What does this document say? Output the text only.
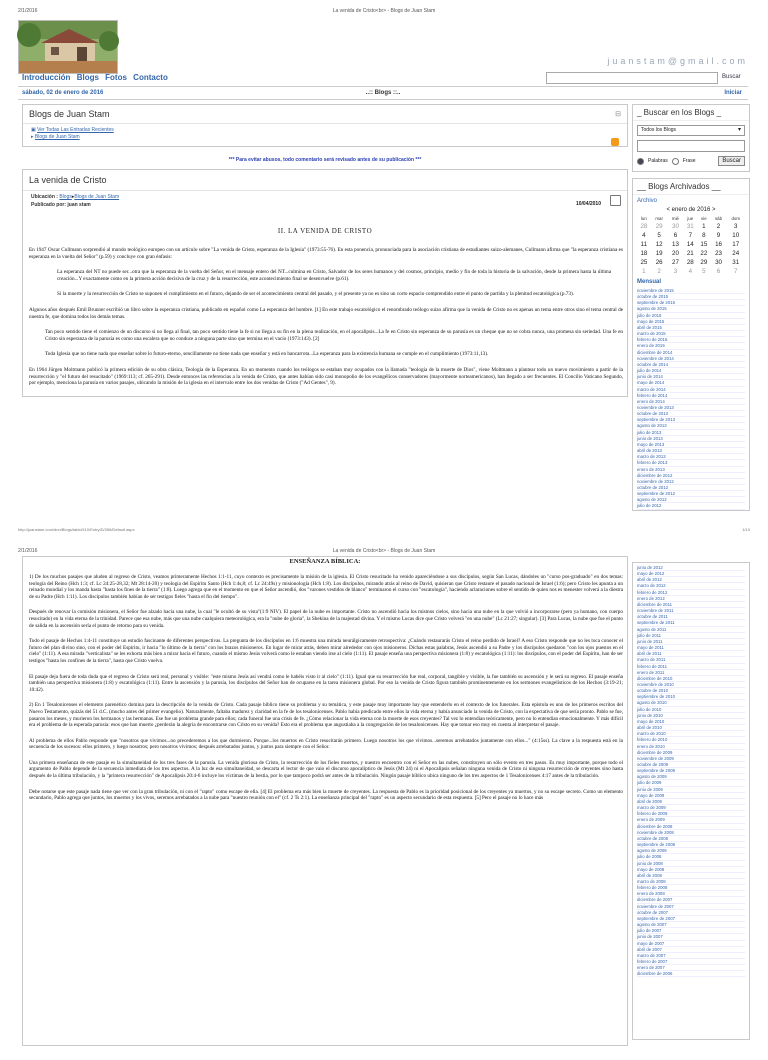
2/1/2016	La venida de Cristo<br> - Blogs de Juan Stam
juanstam@gmail.com
Introducción Blogs Fotos Contacto	Buscar
sábado, 02 de enero de 2016	..:: Blogs ::..	Iniciar
Blogs de Juan Stam	⊟
▣ Ver Todas Las Entradas Recientes
▸ Blogs de Juan Stam
*** Para evitar abusos, todo comentario será revisado antes de su publicación ***
La venida de Cristo
Ubicación : Blogs▸Blogs de Juan Stam
Publicado por: juan stam	10/04/2010
II. LA VENIDA DE CRISTO

En 1947 Oscar Cullmann sorprendió al mundo teológico europeo con un artículo sobre "La venida de Cristo, esperanza de la Iglesia" (1973:55-76). En esta ponencia, pronunciada para la asociación cristiana de estudiantes suizo-alemanes, Cullmann afirma que "la esperanza cristiana es esperanza en la vuelta del Señor" (p.59) y concluye con gran énfasis:

La esperanza del NT no puede ser...otra que la esperanza de la vuelta del Señor, en el mensaje entero del NT...culmina en Cristo, Salvador de los seres humanos y del cosmos, principio, medio y fin de toda la historia de la salvación, desde la primera hasta la última creación...Y exactamente como en la primera acción decisiva de la cruz y de la resurrección, este acontecimiento final se desenvuelve (p.61).

Si la muerte y la resurrección de Cristo se suponen el cumplimiento en el futuro, dejando de ser el acontecimiento central del pasado, y el presente ya no es sino un corto espacio comprendido entre el punto de partida y la plenitud escatológica (p.73).

Algunos años después Emil Brunner escribió un libro sobre la esperanza cristiana, publicado en español como La esperanza del hombre. [1] En este trabajo escatológico el renombrado teólogo suizo afirma que la venida de Cristo no es apenas un tema entre otros sino el tema central de nuestra fe, que domina todos los demás temas.

Tan poco sentido tiene el comienzo de un discurso si no llega al final, tan poco sentido tiene la fe si no llega a su fin en la plena realización, en el apocalipsis...La fe en Cristo sin esperanza de su parusía es un cheque que no se cobra nunca, una promesa sin seriedad. Una fe en Cristo sin esperanza de la parusía es como una escalera que no conduce a ninguna parte sino que termina en el vacío (1973:143). [2]

Toda Iglesia que no tiene nada que enseñar sobre lo futuro-eterno, sencillamente no tiene nada que enseñar y está en bancarrota...La esperanza para la existencia humana se cumple en el cumplimiento (1973:11,13).

En 1964 Jürgen Moltmann publicó la primera edición de su obra clásica, Teología de la Esperanza. En un momento cuando los teólogos se estaban muy ocupados con la llamada "teología de la muerte de Dios", viene Moltmann a plantear todo un nuevo movimiento a partir de la resurrección y "el futuro del resucitado" (1969:113; cf. 265-291). Desde entonces las referencias a la venida de Cristo, que antes habían sido casi monopolio de los evangélicos conservadores (mayormente norteamericanos), han llegado a ser frecuentes. El Concilio Vaticano Segundo, por ejemplo, menciona la parusía en varios pasajes, ubicando la misión de la iglesia en el intervalo entre los dos venidas de Cristo ("Ad Gentes", 9).

_ Buscar en los Blogs _
Todos los Blogs ▾
Palabras	Frase	Buscar
__ Blogs Archivados __
Archivo
< enero de 2016 >
lun	mar	mié	jue	vie	sáb	dom
28	29	30	31	1	2	3
4	5	6	7	8	9	10
11	12	13	14	15	16	17
18	19	20	21	22	23	24
25	26	27	28	29	30	31
1	2	3	4	5	6	7
Mensual
noviembre de 2015
octubre de 2015
septiembre de 2015
agosto de 2015
julio de 2015
mayo de 2015
abril de 2015
marzo de 2015
febrero de 2015
enero de 2015
diciembre de 2014
noviembre de 2014
octubre de 2014
julio de 2014
junio de 2014
mayo de 2014
marzo de 2014
febrero de 2014
enero de 2014
noviembre de 2013
octubre de 2013
septiembre de 2013
agosto de 2013
julio de 2013
junio de 2013
mayo de 2013
abril de 2013
marzo de 2013
febrero de 2013
enero de 2013
diciembre de 2012
noviembre de 2012
octubre de 2012
septiembre de 2012
agosto de 2012
julio de 2012
http://juanstam.com/dnn/Blogs/tabid/110/EntryID/358/Default.aspx	1/10
2/1/2016	La venida de Cristo<br> - Blogs de Juan Stam
ENSEÑANZA BÍBLICA:

1) De los muchos pasajes que aluden al regreso de Cristo, veamos primeramente Hechos 1:1-11, cuyo contexto es precisamente la misión de la iglesia. El Cristo resucitado ha venido apareciéndose a sus discípulos, según San Lucas, dándoles un "curso pos-graduado" en dos temas: teología del Reino (Hch 1:3; cf. Lc 24:25-28,32; Mt 28:14-20) y teología del Espíritu Santo (Hch 1:4s,8; cf. Lc 24:49s) y misionología (Hch 1:8). Los discípulos, mirando atrás al reino de David, quisieran que Cristo restaure el pasado nacional de Israel (1:6); pero Cristo les apunta a un reinado mundial y los manda hasta "hasta los fines de la tierra" (1:8). Luego agrega que en el momento en que el Señor ascendió, dos "varones vestidos de blanco" terminaron el curso con "escatología", haciendo aclaraciones sobre el sentido de quien nos es menester volverá a la diestra de su Padre (Hch 1:11). Los discípulos también habían de ser testigos fieles "hasta el fin del tiempo".

Después de renovar la comisión misionera, el Señor fue alzado hacia una nube, la cual "le ocultó de su vista"(1:9 NIV). El papel de la nube es importante. Cristo no ascendió hacia los mismos cielos, sino hacia una nube en la que volvió a incorporarse (pero ya humano, con cuerpo resucitado) en la vida eterna de la trinidad. Parece que esa nube, más que una nube cualquiera meteorológica, era la "nube de gloria", la Shekina de la majestad divina. Y el mismo Lucas dice que Cristo volverá "en una nube" (Lc 21:27; singular). [3] Para Lucas, la nube que fue el punto de salida en la ascensión sería el punto de retorno para su venida.

Todo el pasaje de Hechos 1:4-11 constituye un estudio fascinante de diferentes perspectivas. La pregunta de los discípulos en 1:6 muestra una mirada neurálgicamente retrospectiva: ¿Cuándo restaurarás Cristo el reino perdido de Israel? A eso Cristo responde que no les toca conocer el futuro del plan divino sino, con el poder del Espíritu, ir hacia "lo último de la tierra" con los brazos misioneros. En lugar de mirar atrás, deben mirar alrededor con ojos misioneros. Dichas estas palabras, Jesús ascendió a su Padre y los discípulos quedaron "con los ojos puestos en el cielo" (1:11). A esa mirada "verticalista" se les exhorta más bien a mirar hacia el futuro, cuando el mismo Jesús volverá como le estaban viendo irse al cielo (1:11). El pasaje enseña una perspectiva misionera (1:8) y escatológica (1:11): los discípulos, con el poder del Espíritu, han de ser testigos "hasta los confines de la tierra", hasta que Cristo vuelva.

El pasaje deja fuera de toda duda que el regreso de Cristo será real, personal y visible: "este mismo Jesús así vendrá como le habéis visto ir al cielo" (1:11). Igual que su resurrección fue real, corporal, tangible y visible, la fue también su ascensión y le será su regreso. El pasaje enseña también una perspectiva misionera (1:8) y escatológica (1:11). Entre la ascensión y la parusía, los discípulos del Señor han de ocuparse en la tarea misionera global. Por eso la venida de Cristo figura también prominentemente en los sermones evangelísticos de los Hechos (3:19-21; 10:42).

2) En 1 Tesalonicenses el elemento parenético domina para la descripción de la venida de Cristo. Cada pasaje bíblico tiene su problema y su temática, y este pasaje muy importante hay que entenderlo en el contexto de los funerales. Esta epístola es uno de los primeros escritos del Nuevo Testamento, quizás del 51 d.C. (mucho antes del primer evangelio). Naturalmente, faltaba madurez y claridad en la fe de los tesalonicenses. Pablo había predicado entre ellos la vida eterna y había anunciado la venida de Cristo, con la expectativa de que sería pronto. Pablo se fue, pasaron los meses, y murieron los hermanos y las hermanas. Ese fue un problema grande para ellos; cada funeral fue una crisis de fe. ¿Cómo relacionar la vida eterna con la muerte de esos creyentes? Tal vez lo entendían teóricamente, pero no lo entendían emocionalmente. Y más difícil era el problema de la esperada parusía: esos que han muerto ¿perderán la alegría de encontrarse con Cristo en su venida? Esto era el problema que angustiaba a la congregación de los tesalonicenses. Hay que tomar eso muy en cuenta al interpretar el pasaje.

Al problema de ellos Pablo responde que "nosotros que vivimos...no precederemos a los que durmieron. Porque...los muertos en Cristo resucitarán primero. Luego nosotros los que vivimos...seremos arrebatados juntamente con ellos..." (4:15ss). La clave a la respuesta está en la secuencia de los sucesos: ellos primero, y luego nosotros; pero nosotros vivimos; después arrebatados juntos, y juntos para siempre con el Señor.

Una primera enseñanza de este pasaje es la simultaneidad de los tres fases de la parusía. La venida gloriosa de Cristo, la resurrección de los fieles muertos, y nuestro encuentro con el Señor en las nubes, constituyen un sólo evento en tres pasos. Es muy importante, porque todo el argumento de Pablo depende de la secuencia inmediata de los tres aspectos. A la luz de esa simultaneidad, se descarta el lector de que vaio el discurso apocalíptico de Jesús (Mt 24) ni el Apocalipsis señalan ninguna venida de Cristo ni ninguna resurrección de creyentes sino hasta después de la última tribulación, y la "primera resurrección" de Apocalipsis 20:4-6 incluye los víctimas de la bestia, por lo que tampoco podrá ser antes de la tribulación. Ningún pasaje bíblico ubica ninguno de los tres aspectos de 1 Tesalonicenses 4:17 antes de la tribulación.

Debe notarse que este pasaje nada tiene que ver con la gran tribulación, ni con el "rapto" como escape de ella. [4] El problema era más bien la muerte de creyentes. La respuesta de Pablo es la prioridad posicional de los creyentes ya muertos, y no su escape secreto. Como un elemento secundario, Pablo agrega que juntos, los muertos y los vivos, seremos arrebatados a la nube para "nuestro reunión con el" (cf. 2 Ts 2:1). La enseñanza principal del "rapto" es un aspecto secundario de esta respuesta. [5] Pero el pasaje no lo hace más

junio de 2012
mayo de 2012
abril de 2012
marzo de 2012
febrero de 2012
enero de 2012
diciembre de 2011
noviembre de 2011
octubre de 2011
septiembre de 2011
agosto de 2011
julio de 2011
junio de 2011
mayo de 2011
abril de 2011
marzo de 2011
febrero de 2011
enero de 2011
diciembre de 2010
noviembre de 2010
octubre de 2010
septiembre de 2010
agosto de 2010
julio de 2010
junio de 2010
mayo de 2010
abril de 2010
marzo de 2010
febrero de 2010
enero de 2010
diciembre de 2009
noviembre de 2009
octubre de 2009
septiembre de 2009
agosto de 2009
julio de 2009
junio de 2009
mayo de 2009
abril de 2009
marzo de 2009
febrero de 2009
enero de 2009
diciembre de 2008
noviembre de 2008
octubre de 2008
septiembre de 2008
agosto de 2008
julio de 2008
junio de 2008
mayo de 2008
abril de 2008
marzo de 2008
febrero de 2008
enero de 2008
diciembre de 2007
noviembre de 2007
octubre de 2007
septiembre de 2007
agosto de 2007
julio de 2007
junio de 2007
mayo de 2007
abril de 2007
marzo de 2007
febrero de 2007
enero de 2007
diciembre de 2006
